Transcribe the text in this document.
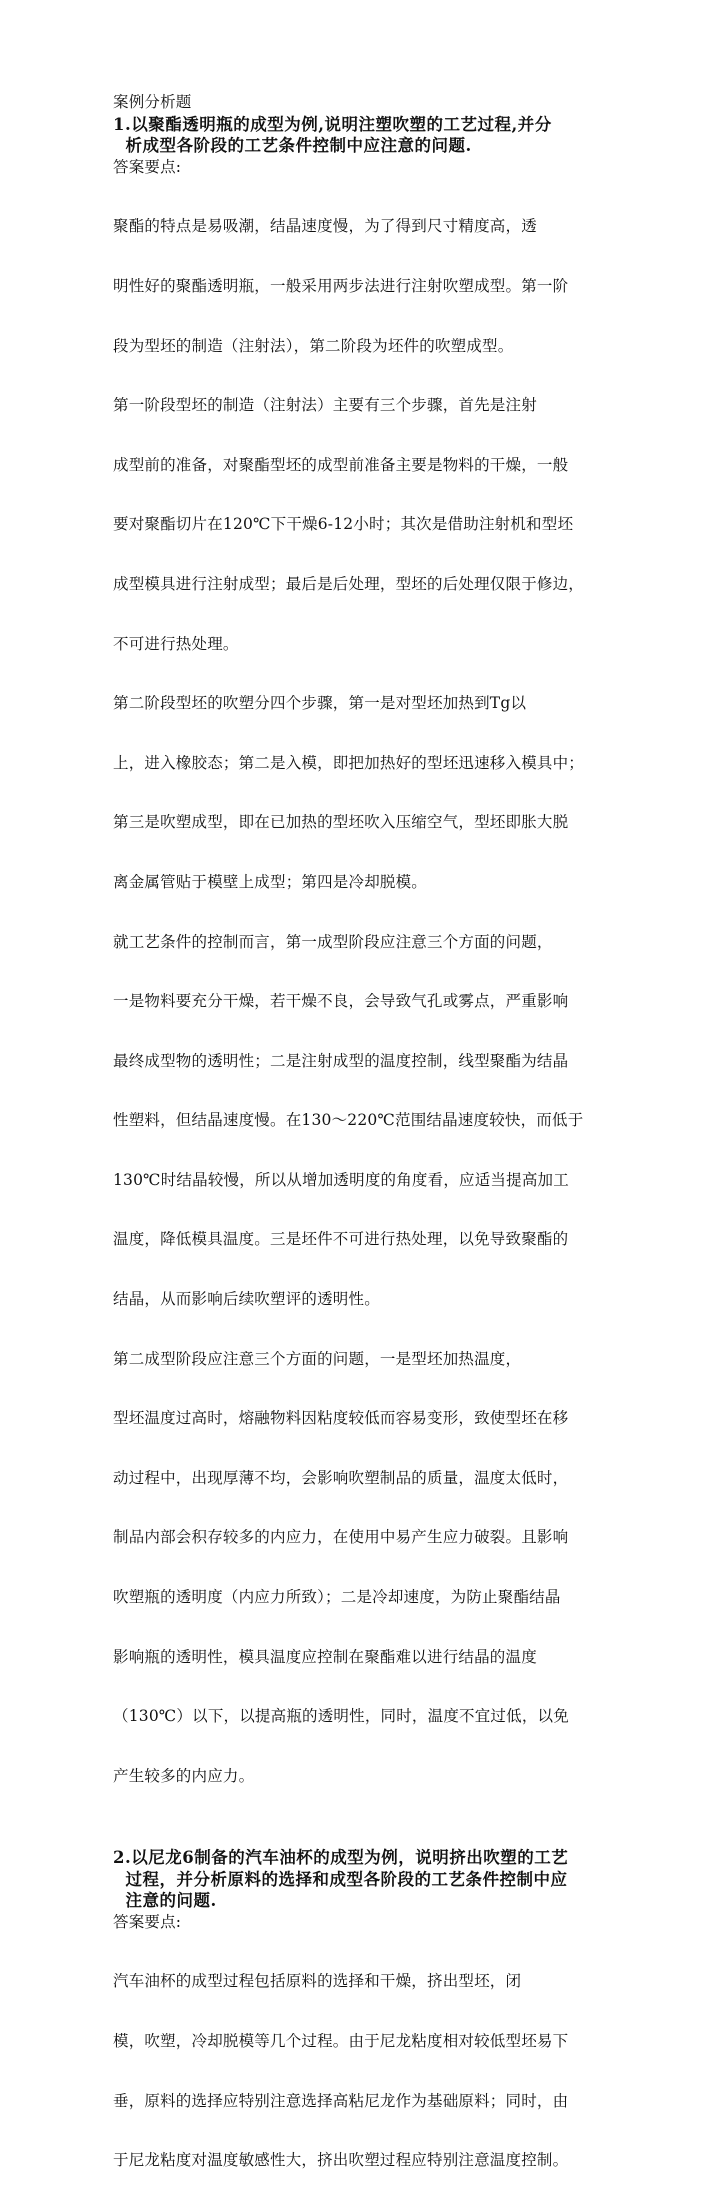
案例分析题
1.以聚酯透明瓶的成型为例,说明注塑吹塑的工艺过程,并分
析成型各阶段的工艺条件控制中应注意的问题.
答案要点:

聚酯的特点是易吸潮，结晶速度慢，为了得到尺寸精度高，透

明性好的聚酯透明瓶，一般采用两步法进行注射吹塑成型。第一阶

段为型坯的制造（注射法），第二阶段为坯件的吹塑成型。

第一阶段型坯的制造（注射法）主要有三个步骤，首先是注射

成型前的准备，对聚酯型坯的成型前准备主要是物料的干燥，一般

要对聚酯切片在120℃下干燥6-12小时；其次是借助注射机和型坯

成型模具进行注射成型；最后是后处理，型坯的后处理仅限于修边，

不可进行热处理。

第二阶段型坯的吹塑分四个步骤，第一是对型坯加热到Tg以

上，进入橡胶态；第二是入模，即把加热好的型坯迅速移入模具中；

第三是吹塑成型，即在已加热的型坯吹入压缩空气，型坯即胀大脱

离金属管贴于模壁上成型；第四是冷却脱模。

就工艺条件的控制而言，第一成型阶段应注意三个方面的问题，

一是物料要充分干燥，若干燥不良，会导致气孔或雾点，严重影响

最终成型物的透明性；二是注射成型的温度控制，线型聚酯为结晶

性塑料，但结晶速度慢。在130～220℃范围结晶速度较快，而低于

130℃时结晶较慢，所以从增加透明度的角度看，应适当提高加工

温度，降低模具温度。三是坯件不可进行热处理，以免导致聚酯的

结晶，从而影响后续吹塑评的透明性。

第二成型阶段应注意三个方面的问题，一是型坯加热温度，

型坯温度过高时，熔融物料因粘度较低而容易变形，致使型坯在移

动过程中，出现厚薄不均，会影响吹塑制品的质量，温度太低时，

制品内部会积存较多的内应力，在使用中易产生应力破裂。且影响

吹塑瓶的透明度（内应力所致）；二是冷却速度，为防止聚酯结晶

影响瓶的透明性，模具温度应控制在聚酯难以进行结晶的温度

（130℃）以下，以提高瓶的透明性，同时，温度不宜过低，以免

产生较多的内应力。

2.以尼龙6制备的汽车油杯的成型为例，说明挤出吹塑的工艺
过程，并分析原料的选择和成型各阶段的工艺条件控制中应
注意的问题.
答案要点:

汽车油杯的成型过程包括原料的选择和干燥，挤出型坯，闭

模，吹塑，冷却脱模等几个过程。由于尼龙粘度相对较低型坯易下

垂，原料的选择应特别注意选择高粘尼龙作为基础原料；同时，由

于尼龙粘度对温度敏感性大，挤出吹塑过程应特别注意温度控制。
